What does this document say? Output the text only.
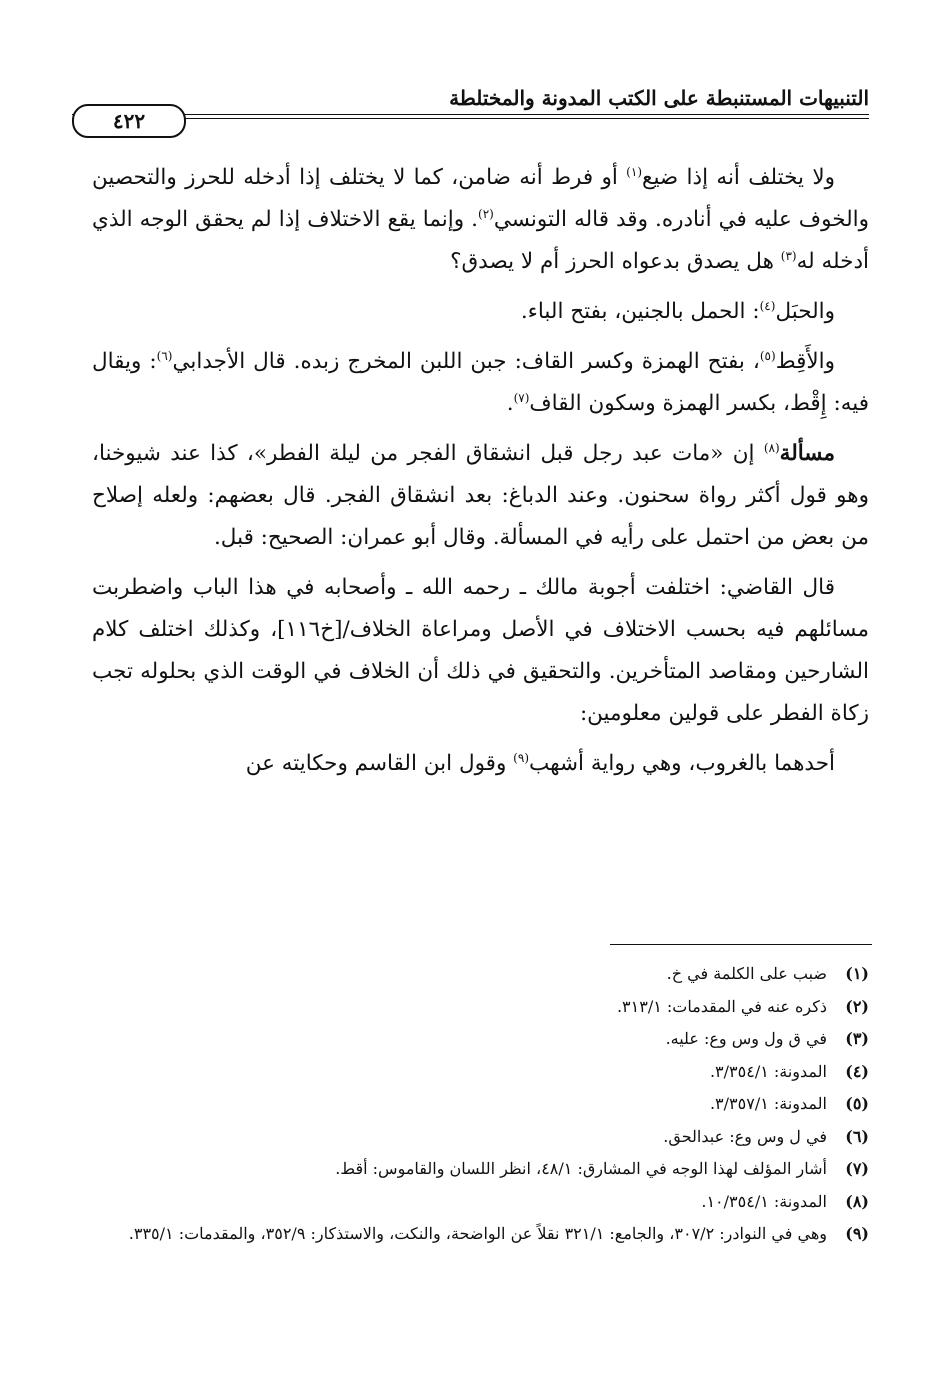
التنبيهات المستنبطة على الكتب المدونة والمختلطة
٤٢٢

ولا يختلف أنه إذا ضيع$^{(١)}$ أو فرط أنه ضامن، كما لا يختلف إذا أدخله للحرز والتحصين والخوف عليه في أنادره. وقد قاله التونسي$^{(٢)}$. وإنما يقع الاختلاف إذا لم يحقق الوجه الذي أدخله له$^{(٣)}$ هل يصدق بدعواه الحرز أم لا يصدق؟

والحبَل$^{(٤)}$: الحمل بالجنين، بفتح الباء.

والأَقِط$^{(٥)}$، بفتح الهمزة وكسر القاف: جبن اللبن المخرج زبده. قال الأجدابي$^{(٦)}$: ويقال فيه: إِقْط، بكسر الهمزة وسكون القاف$^{(٧)}$.

مسألة$^{(٨)}$ إن «مات عبد رجل قبل انشقاق الفجر من ليلة الفطر»، كذا عند شيوخنا، وهو قول أكثر رواة سحنون. وعند الدباغ: بعد انشقاق الفجر. قال بعضهم: ولعله إصلاح من بعض من احتمل على رأيه في المسألة. وقال أبو عمران: الصحيح: قبل.

قال القاضي: اختلفت أجوبة مالك ـ رحمه الله ـ وأصحابه في هذا الباب واضطربت مسائلهم فيه بحسب الاختلاف في الأصل ومراعاة الخلاف/[خ١١٦]، وكذلك اختلف كلام الشارحين ومقاصد المتأخرين. والتحقيق في ذلك أن الخلاف في الوقت الذي بحلوله تجب زكاة الفطر على قولين معلومين:

أحدهما بالغروب، وهي رواية أشهب$^{(٩)}$ وقول ابن القاسم وحكايته عن

(١)
ضبب على الكلمة في خ.
(٢)
ذكره عنه في المقدمات: ٣١٣/١.
(٣)
في ق ول وس وع: عليه.
(٤)
المدونة: ٣/٣٥٤/١.
(٥)
المدونة: ٣/٣٥٧/١.
(٦)
في ل وس وع: عبدالحق.
(٧)
أشار المؤلف لهذا الوجه في المشارق: ٤٨/١، انظر اللسان والقاموس: أقط.
(٨)
المدونة: ١٠/٣٥٤/١.
(٩)
وهي في النوادر: ٣٠٧/٢، والجامع: ٣٢١/١ نقلاً عن الواضحة، والنكت، والاستذكار: ٣٥٢/٩، والمقدمات: ٣٣٥/١.
